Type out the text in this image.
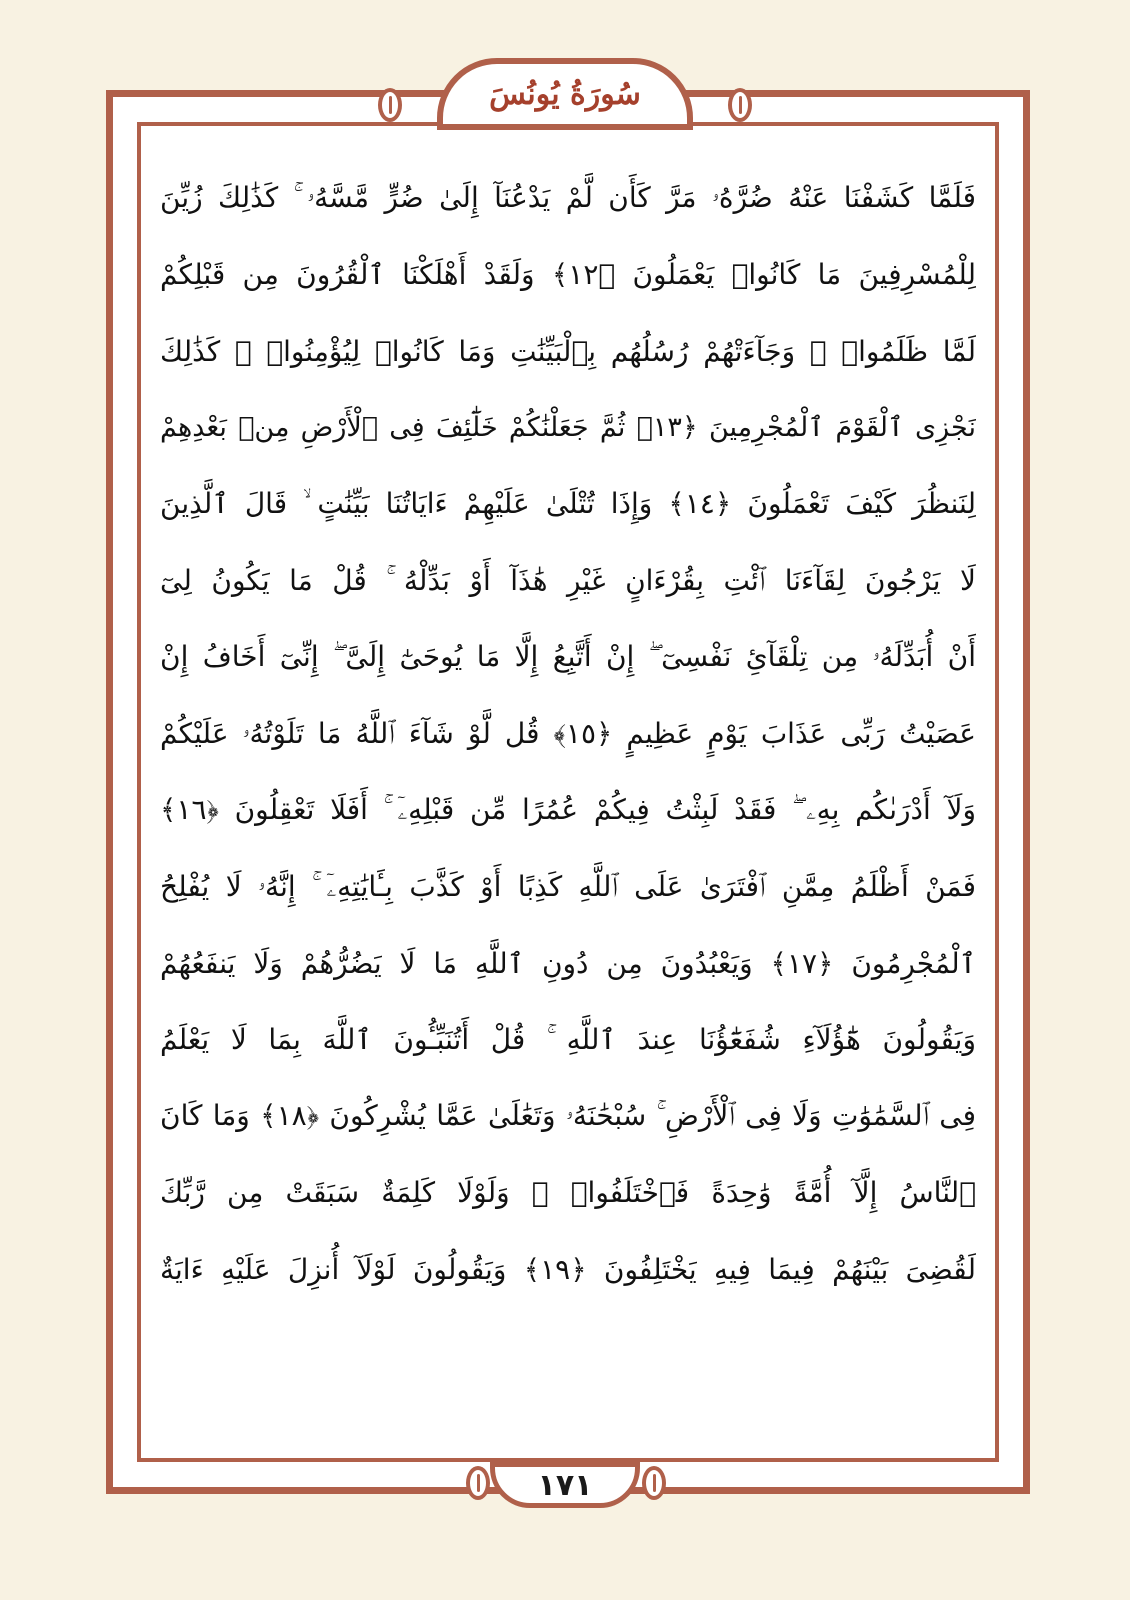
سُورَةُ يُونُسَ
فَلَمَّا كَشَفْنَا عَنْهُ ضُرَّهُۥ مَرَّ كَأَن لَّمْ يَدْعُنَآ إِلَىٰ ضُرٍّ مَّسَّهُۥ ۚ كَذَٰلِكَ زُيِّنَ
لِلْمُسْرِفِينَ مَا كَانُوا۟ يَعْمَلُونَ ﴿١٢﴾ وَلَقَدْ أَهْلَكْنَا ٱلْقُرُونَ مِن قَبْلِكُمْ
لَمَّا ظَلَمُوا۟ ۙ وَجَآءَتْهُمْ رُسُلُهُم بِٱلْبَيِّنَٰتِ وَمَا كَانُوا۟ لِيُؤْمِنُوا۟ ۚ كَذَٰلِكَ
نَجْزِى ٱلْقَوْمَ ٱلْمُجْرِمِينَ ﴿١٣﴾ ثُمَّ جَعَلْنَٰكُمْ خَلَٰٓئِفَ فِى ٱلْأَرْضِ مِنۢ بَعْدِهِمْ
لِنَنظُرَ كَيْفَ تَعْمَلُونَ ﴿١٤﴾ وَإِذَا تُتْلَىٰ عَلَيْهِمْ ءَايَاتُنَا بَيِّنَٰتٍ ۙ قَالَ ٱلَّذِينَ
لَا يَرْجُونَ لِقَآءَنَا ٱئْتِ بِقُرْءَانٍ غَيْرِ هَٰذَآ أَوْ بَدِّلْهُ ۚ قُلْ مَا يَكُونُ لِىٓ
أَنْ أُبَدِّلَهُۥ مِن تِلْقَآئِ نَفْسِىٓ ۖ إِنْ أَتَّبِعُ إِلَّا مَا يُوحَىٰٓ إِلَىَّ ۖ إِنِّىٓ أَخَافُ إِنْ
عَصَيْتُ رَبِّى عَذَابَ يَوْمٍ عَظِيمٍ ﴿١٥﴾ قُل لَّوْ شَآءَ ٱللَّهُ مَا تَلَوْتُهُۥ عَلَيْكُمْ
وَلَآ أَدْرَىٰكُم بِهِۦ ۖ فَقَدْ لَبِثْتُ فِيكُمْ عُمُرًا مِّن قَبْلِهِۦٓ ۚ أَفَلَا تَعْقِلُونَ ﴿١٦﴾
فَمَنْ أَظْلَمُ مِمَّنِ ٱفْتَرَىٰ عَلَى ٱللَّهِ كَذِبًا أَوْ كَذَّبَ بِـَٔايَٰتِهِۦٓ ۚ إِنَّهُۥ لَا يُفْلِحُ
ٱلْمُجْرِمُونَ ﴿١٧﴾ وَيَعْبُدُونَ مِن دُونِ ٱللَّهِ مَا لَا يَضُرُّهُمْ وَلَا يَنفَعُهُمْ
وَيَقُولُونَ هَٰٓؤُلَآءِ شُفَعَٰٓؤُنَا عِندَ ٱللَّهِ ۚ قُلْ أَتُنَبِّـُٔونَ ٱللَّهَ بِمَا لَا يَعْلَمُ
فِى ٱلسَّمَٰوَٰتِ وَلَا فِى ٱلْأَرْضِ ۚ سُبْحَٰنَهُۥ وَتَعَٰلَىٰ عَمَّا يُشْرِكُونَ ﴿١٨﴾ وَمَا كَانَ
ٱلنَّاسُ إِلَّآ أُمَّةً وَٰحِدَةً فَٱخْتَلَفُوا۟ ۚ وَلَوْلَا كَلِمَةٌ سَبَقَتْ مِن رَّبِّكَ
لَقُضِىَ بَيْنَهُمْ فِيمَا فِيهِ يَخْتَلِفُونَ ﴿١٩﴾ وَيَقُولُونَ لَوْلَآ أُنزِلَ عَلَيْهِ ءَايَةٌ
١٧١
